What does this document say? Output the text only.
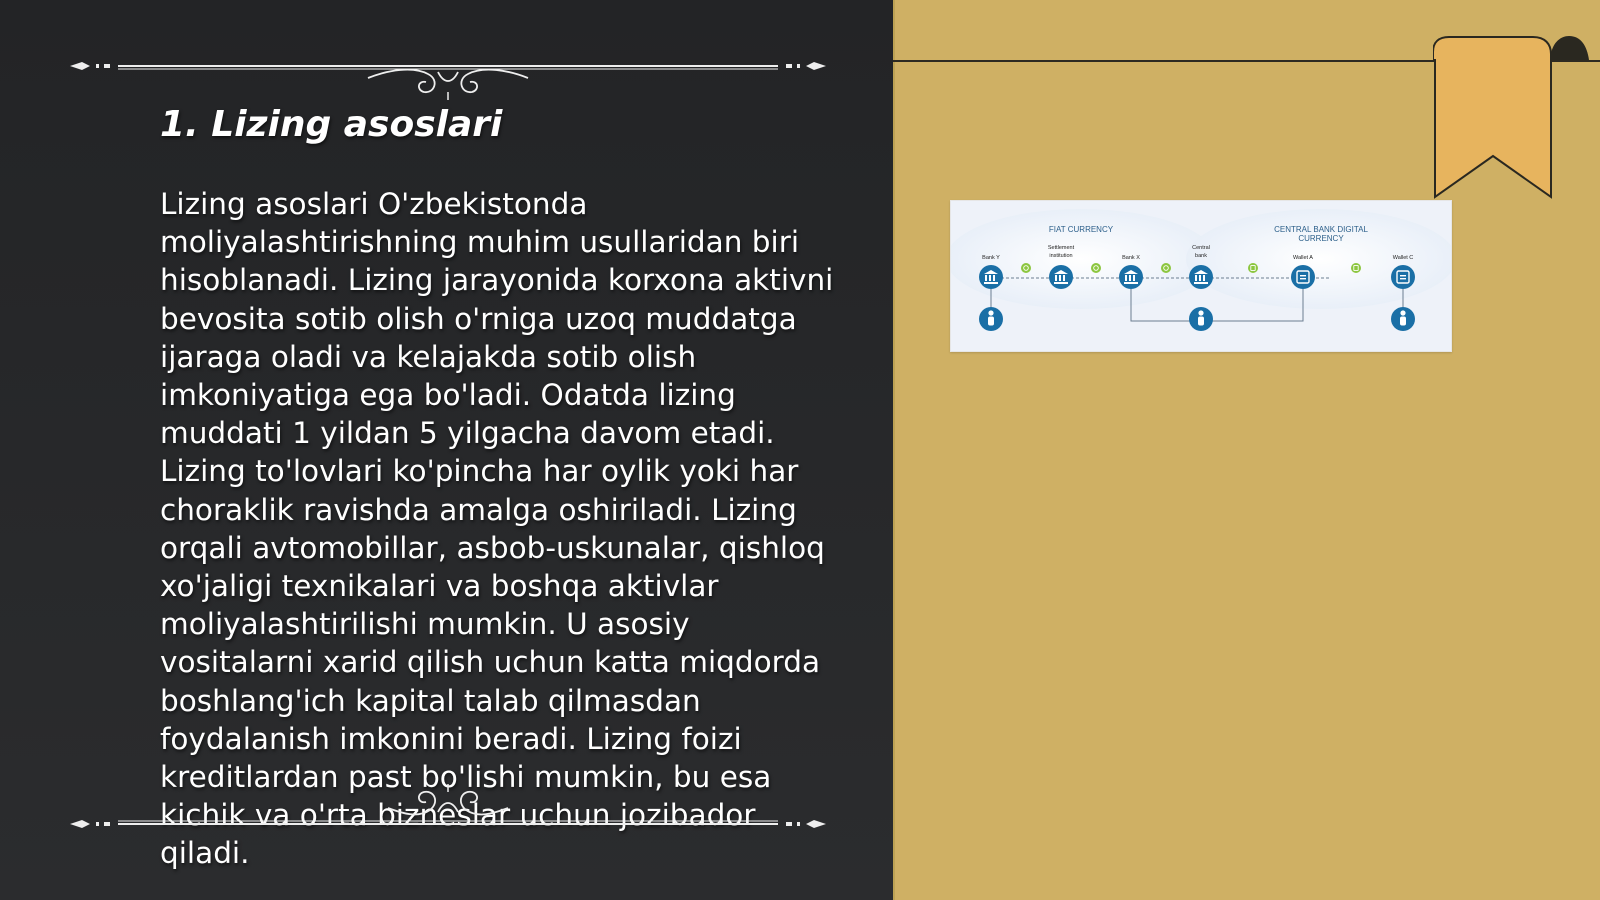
1. Lizing asoslari

Lizing asoslari O'zbekistonda moliyalashtirishning muhim usullaridan biri hisoblanadi. Lizing jarayonida korxona aktivni bevosita sotib olish o'rniga uzoq muddatga ijaraga oladi va kelajakda sotib olish imkoniyatiga ega bo'ladi. Odatda lizing muddati 1 yildan 5 yilgacha davom etadi. Lizing to'lovlari ko'pincha har oylik yoki har choraklik ravishda amalga oshiriladi. Lizing orqali avtomobillar, asbob-uskunalar, qishloq xo'jaligi texnikalari va boshqa aktivlar moliyalashtirilishi mumkin. U asosiy vositalarni xarid qilish uchun katta miqdorda boshlang'ich kapital talab qilmasdan foydalanish imkonini beradi. Lizing foizi kreditlardan past bo'lishi mumkin, bu esa kichik va o'rta bizneslar uchun jozibador qiladi.

FIAT CURRENCY	CENTRAL BANK DIGITAL
CURRENCY
Bank Y
Settlement
institution	Bank X
Central
bank	Wallet A	Wallet C
